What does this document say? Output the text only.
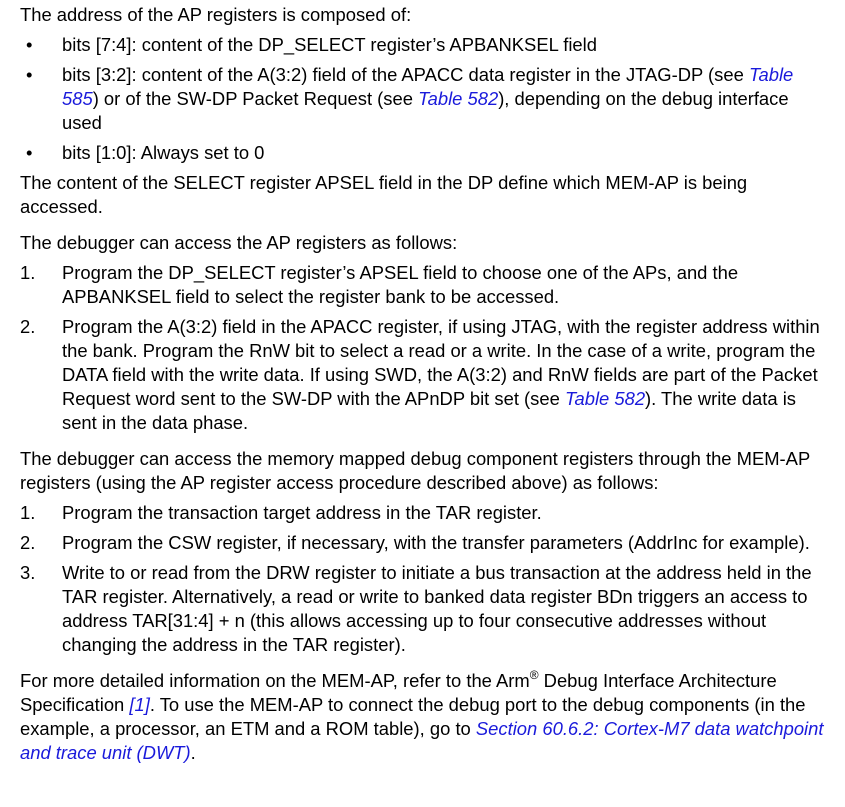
The address of the AP registers is composed of:

•	bits [7:4]: content of the DP_SELECT register’s APBANKSEL field
•	bits [3:2]: content of the A(3:2) field of the APACC data register in the JTAG-DP (see Table 585) or of the SW-DP Packet Request (see Table 582), depending on the debug interface used
•	bits [1:0]: Always set to 0

The content of the SELECT register APSEL field in the DP define which MEM-AP is being accessed.

The debugger can access the AP registers as follows:

1.	Program the DP_SELECT register’s APSEL field to choose one of the APs, and the APBANKSEL field to select the register bank to be accessed.
2.	Program the A(3:2) field in the APACC register, if using JTAG, with the register address within the bank. Program the RnW bit to select a read or a write. In the case of a write, program the DATA field with the write data. If using SWD, the A(3:2) and RnW fields are part of the Packet Request word sent to the SW-DP with the APnDP bit set (see Table 582). The write data is sent in the data phase.

The debugger can access the memory mapped debug component registers through the MEM-AP registers (using the AP register access procedure described above) as follows:

1.	Program the transaction target address in the TAR register.
2.	Program the CSW register, if necessary, with the transfer parameters (AddrInc for example).
3.	Write to or read from the DRW register to initiate a bus transaction at the address held in the TAR register. Alternatively, a read or write to banked data register BDn triggers an access to address TAR[31:4] + n (this allows accessing up to four consecutive addresses without changing the address in the TAR register).

For more detailed information on the MEM-AP, refer to the Arm® Debug Interface Architecture Specification [1]. To use the MEM-AP to connect the debug port to the debug components (in the example, a processor, an ETM and a ROM table), go to Section 60.6.2: Cortex-M7 data watchpoint and trace unit (DWT).
